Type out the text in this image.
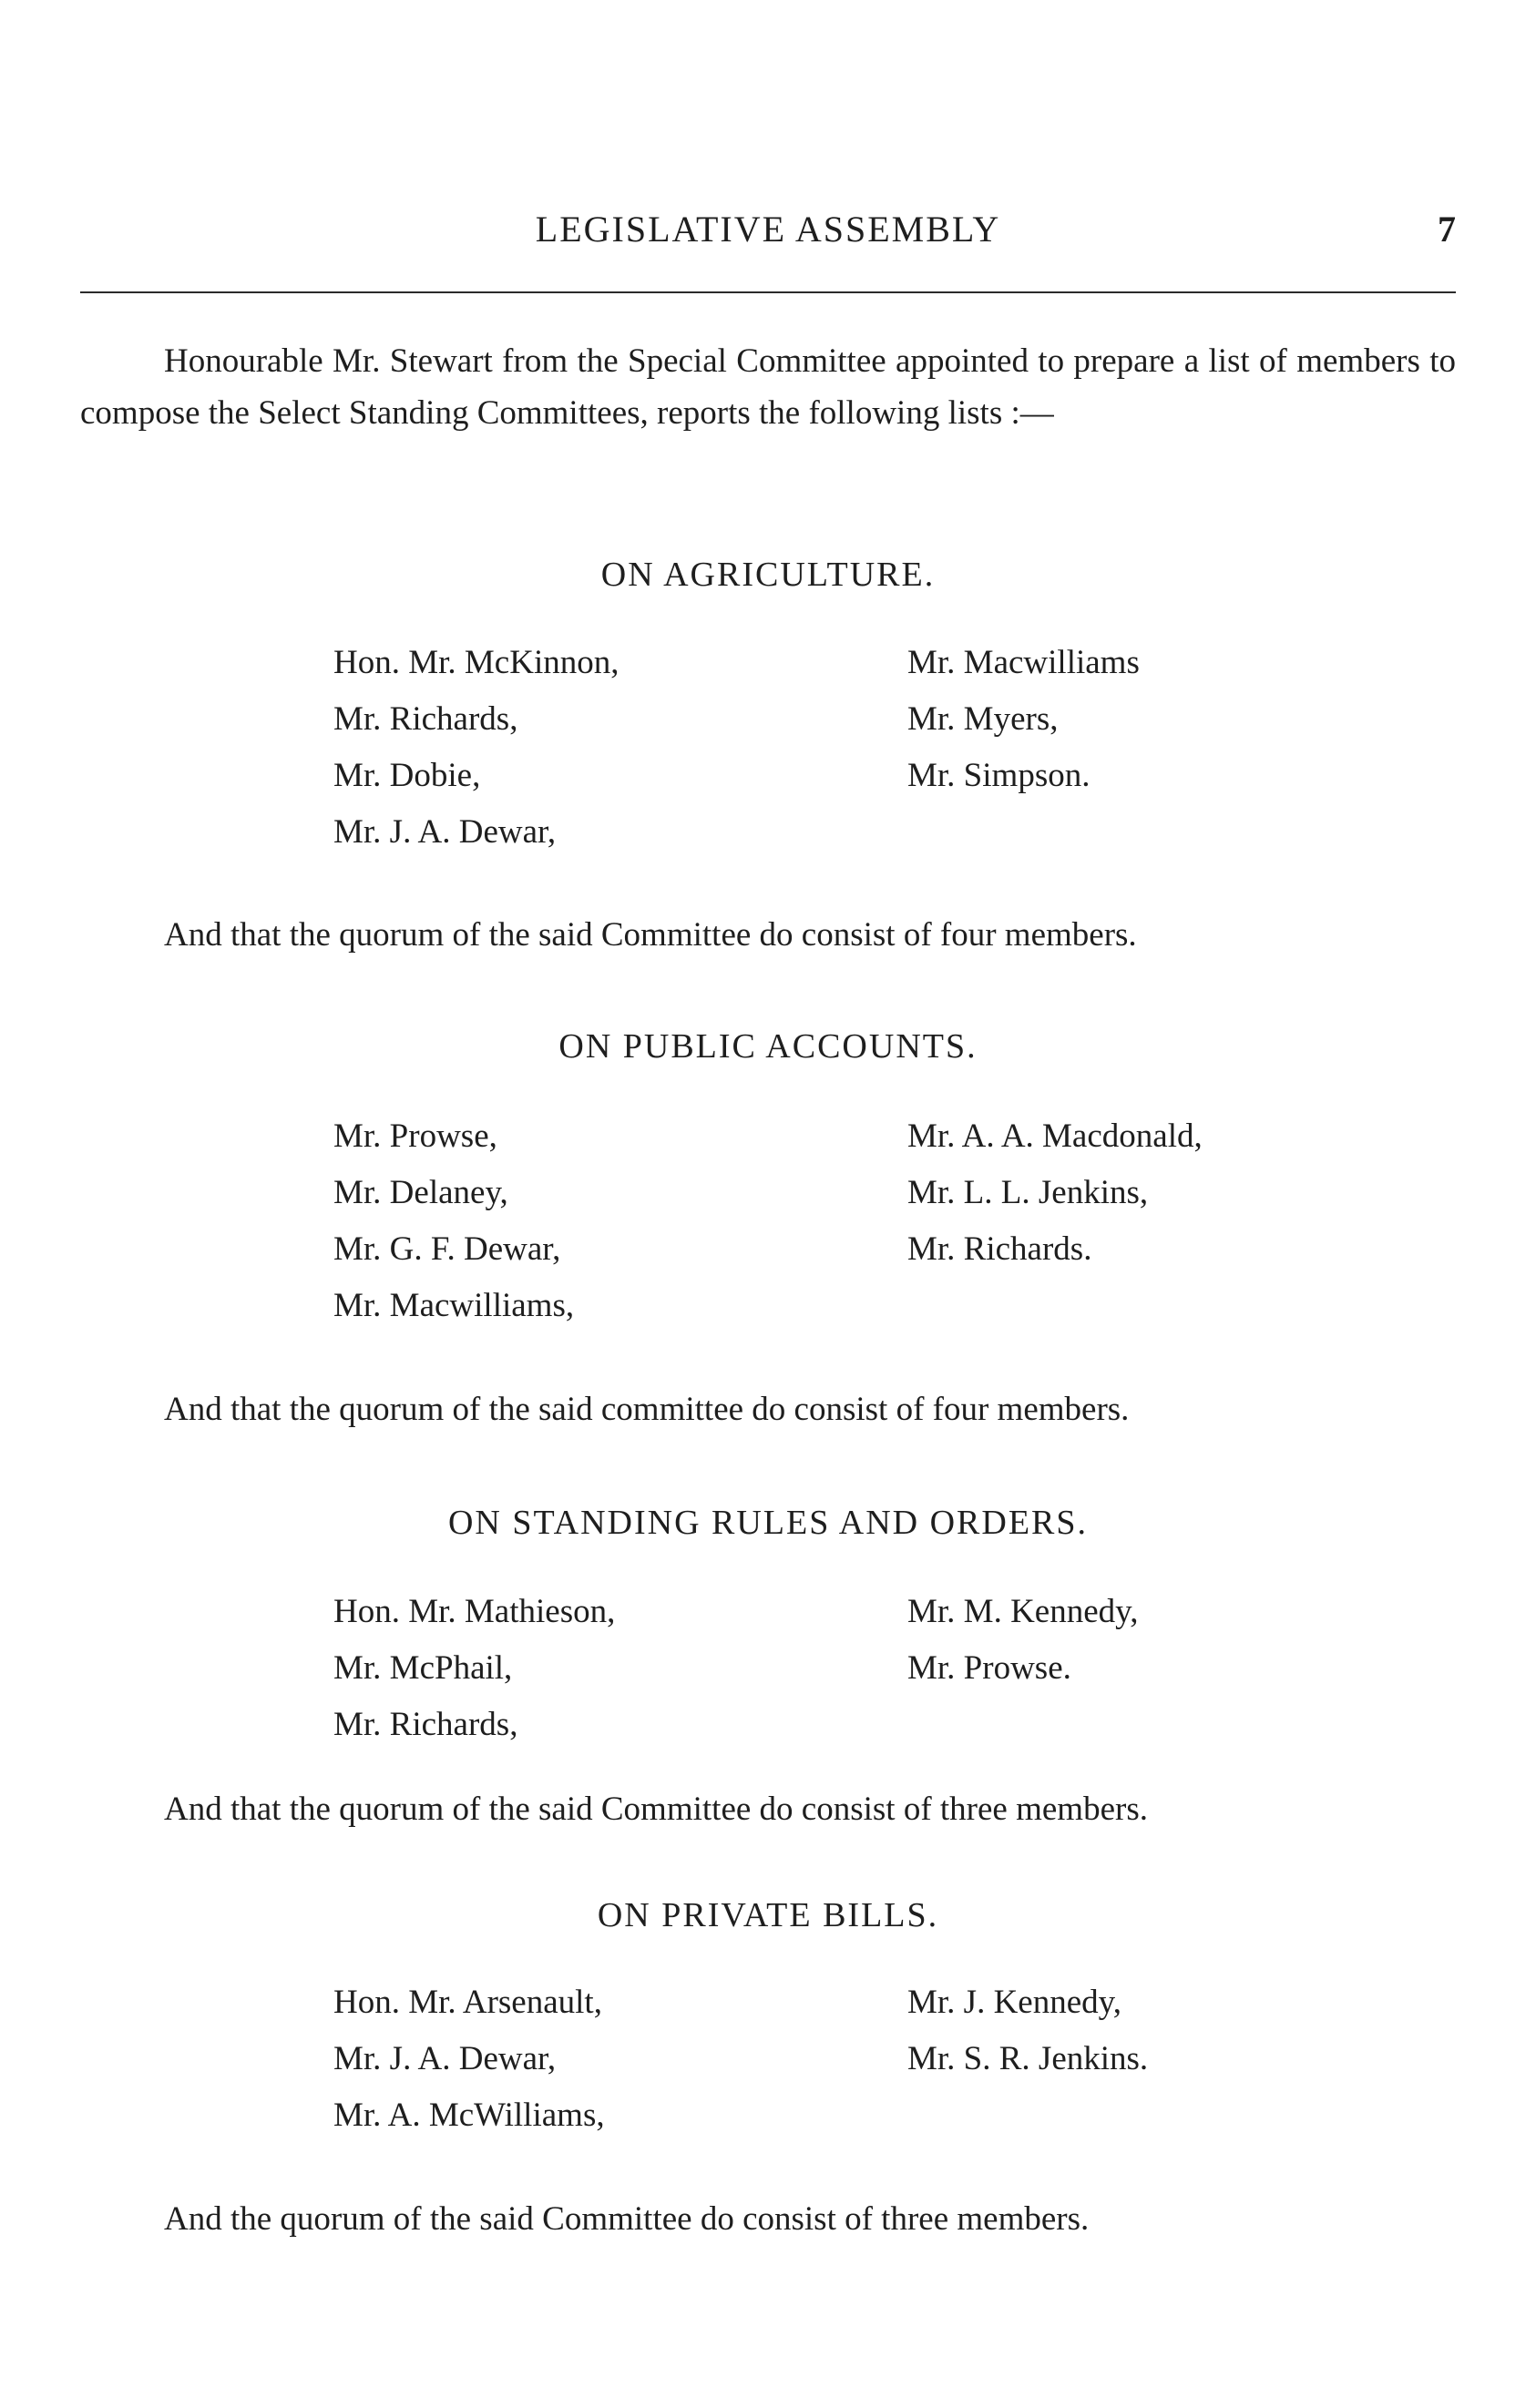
LEGISLATIVE ASSEMBLY	7

Honourable Mr. Stewart from the Special Committee appointed to prepare a list of members to compose the Select Standing Committees, reports the following lists :—

ON AGRICULTURE.
Hon. Mr. McKinnon,
Mr. Richards,
Mr. Dobie,
Mr. J. A. Dewar,
Mr. Macwilliams
Mr. Myers,
Mr. Simpson.

And that the quorum of the said Committee do consist of four members.

ON PUBLIC ACCOUNTS.
Mr. Prowse,
Mr. Delaney,
Mr. G. F. Dewar,
Mr. Macwilliams,
Mr. A. A. Macdonald,
Mr. L. L. Jenkins,
Mr. Richards.

And that the quorum of the said committee do consist of four members.

ON STANDING RULES AND ORDERS.
Hon. Mr. Mathieson,
Mr. McPhail,
Mr. Richards,
Mr. M. Kennedy,
Mr. Prowse.

And that the quorum of the said Committee do consist of three members.

ON PRIVATE BILLS.
Hon. Mr. Arsenault,
Mr. J. A. Dewar,
Mr. A. McWilliams,
Mr. J. Kennedy,
Mr. S. R. Jenkins.

And the quorum of the said Committee do consist of three members.
